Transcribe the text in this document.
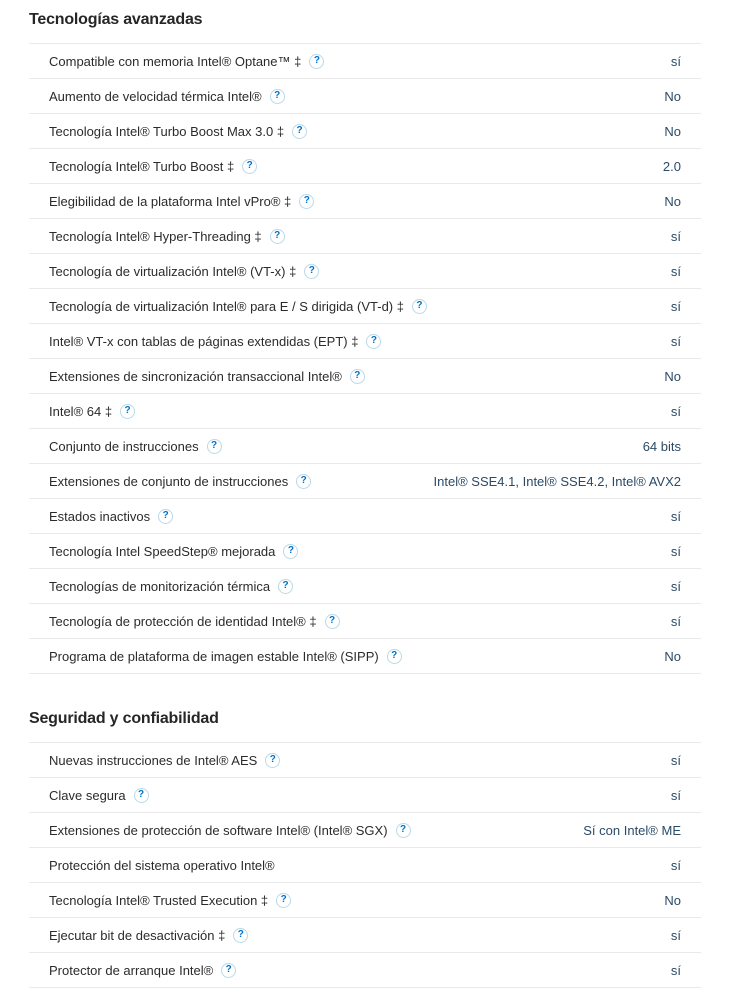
Tecnologías avanzadas
Compatible con memoria Intel® Optane™ ‡	?	sí
Aumento de velocidad térmica Intel®	?	No
Tecnología Intel® Turbo Boost Max 3.0 ‡	?	No
Tecnología Intel® Turbo Boost ‡	?	2.0
Elegibilidad de la plataforma Intel vPro® ‡	?	No
Tecnología Intel® Hyper-Threading ‡	?	sí
Tecnología de virtualización Intel® (VT-x) ‡	?	sí
Tecnología de virtualización Intel® para E / S dirigida (VT-d) ‡	?	sí
Intel® VT-x con tablas de páginas extendidas (EPT) ‡	?	sí
Extensiones de sincronización transaccional Intel®	?	No
Intel® 64 ‡	?	sí
Conjunto de instrucciones	?	64 bits
Extensiones de conjunto de instrucciones	?	Intel® SSE4.1, Intel® SSE4.2, Intel® AVX2
Estados inactivos	?	sí
Tecnología Intel SpeedStep® mejorada	?	sí
Tecnologías de monitorización térmica	?	sí
Tecnología de protección de identidad Intel® ‡	?	sí
Programa de plataforma de imagen estable Intel® (SIPP)	?	No
Seguridad y confiabilidad
Nuevas instrucciones de Intel® AES	?	sí
Clave segura	?	sí
Extensiones de protección de software Intel® (Intel® SGX)	?	Sí con Intel® ME
Protección del sistema operativo Intel®	sí
Tecnología Intel® Trusted Execution ‡	?	No
Ejecutar bit de desactivación ‡	?	sí
Protector de arranque Intel®	?	sí
